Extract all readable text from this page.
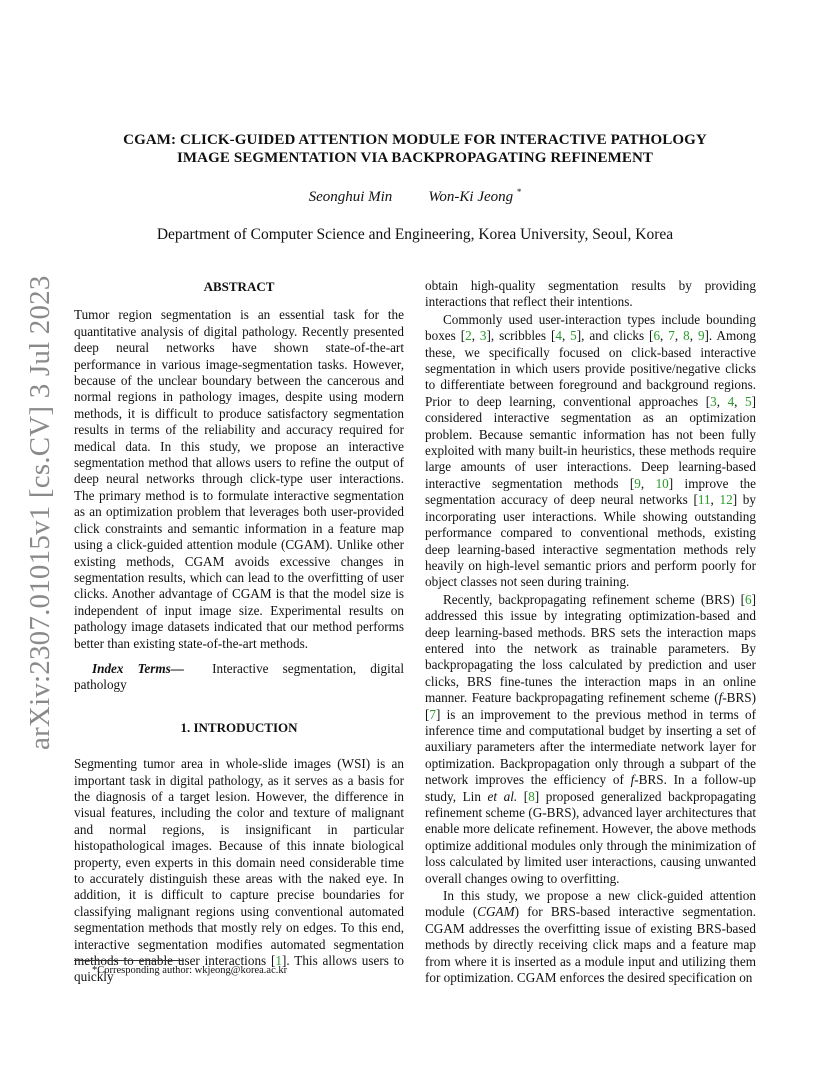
arXiv:2307.01015v1 [cs.CV] 3 Jul 2023
CGAM: CLICK-GUIDED ATTENTION MODULE FOR INTERACTIVE PATHOLOGY
IMAGE SEGMENTATION VIA BACKPROPAGATING REFINEMENT
Seonghui Min Won-Ki Jeong *
Department of Computer Science and Engineering, Korea University, Seoul, Korea
ABSTRACT

Tumor region segmentation is an essential task for the quantitative analysis of digital pathology. Recently presented deep neural networks have shown state-of-the-art performance in various image-segmentation tasks. However, because of the unclear boundary between the cancerous and normal regions in pathology images, despite using modern methods, it is difficult to produce satisfactory segmentation results in terms of the reliability and accuracy required for medical data. In this study, we propose an interactive segmentation method that allows users to refine the output of deep neural networks through click-type user interactions. The primary method is to formulate interactive segmentation as an optimization problem that leverages both user-provided click constraints and semantic information in a feature map using a click-guided attention module (CGAM). Unlike other existing methods, CGAM avoids excessive changes in segmentation results, which can lead to the overfitting of user clicks. Another advantage of CGAM is that the model size is independent of input image size. Experimental results on pathology image datasets indicated that our method performs better than existing state-of-the-art methods.

Index Terms— Interactive segmentation, digital pathology

1. INTRODUCTION

Segmenting tumor area in whole-slide images (WSI) is an important task in digital pathology, as it serves as a basis for the diagnosis of a target lesion. However, the difference in visual features, including the color and texture of malignant and normal regions, is insignificant in particular histopathological images. Because of this innate biological property, even experts in this domain need considerable time to accurately distinguish these areas with the naked eye. In addition, it is difficult to capture precise boundaries for classifying malignant regions using conventional automated segmentation methods that mostly rely on edges. To this end, interactive segmentation modifies automated segmentation methods to enable user interactions [1]. This allows users to quickly

obtain high-quality segmentation results by providing interactions that reflect their intentions.

Commonly used user-interaction types include bounding boxes [2, 3], scribbles [4, 5], and clicks [6, 7, 8, 9]. Among these, we specifically focused on click-based interactive segmentation in which users provide positive/negative clicks to differentiate between foreground and background regions. Prior to deep learning, conventional approaches [3, 4, 5] considered interactive segmentation as an optimization problem. Because semantic information has not been fully exploited with many built-in heuristics, these methods require large amounts of user interactions. Deep learning-based interactive segmentation methods [9, 10] improve the segmentation accuracy of deep neural networks [11, 12] by incorporating user interactions. While showing outstanding performance compared to conventional methods, existing deep learning-based interactive segmentation methods rely heavily on high-level semantic priors and perform poorly for object classes not seen during training.

Recently, backpropagating refinement scheme (BRS) [6] addressed this issue by integrating optimization-based and deep learning-based methods. BRS sets the interaction maps entered into the network as trainable parameters. By backpropagating the loss calculated by prediction and user clicks, BRS fine-tunes the interaction maps in an online manner. Feature backpropagating refinement scheme (f-BRS) [7] is an improvement to the previous method in terms of inference time and computational budget by inserting a set of auxiliary parameters after the intermediate network layer for optimization. Backpropagation only through a subpart of the network improves the efficiency of f-BRS. In a follow-up study, Lin et al. [8] proposed generalized backpropagating refinement scheme (G-BRS), advanced layer architectures that enable more delicate refinement. However, the above methods optimize additional modules only through the minimization of loss calculated by limited user interactions, causing unwanted overall changes owing to overfitting.

In this study, we propose a new click-guided attention module (CGAM) for BRS-based interactive segmentation. CGAM addresses the overfitting issue of existing BRS-based methods by directly receiving click maps and a feature map from where it is inserted as a module input and utilizing them for optimization. CGAM enforces the desired specification on

*Corresponding author: wkjeong@korea.ac.kr
